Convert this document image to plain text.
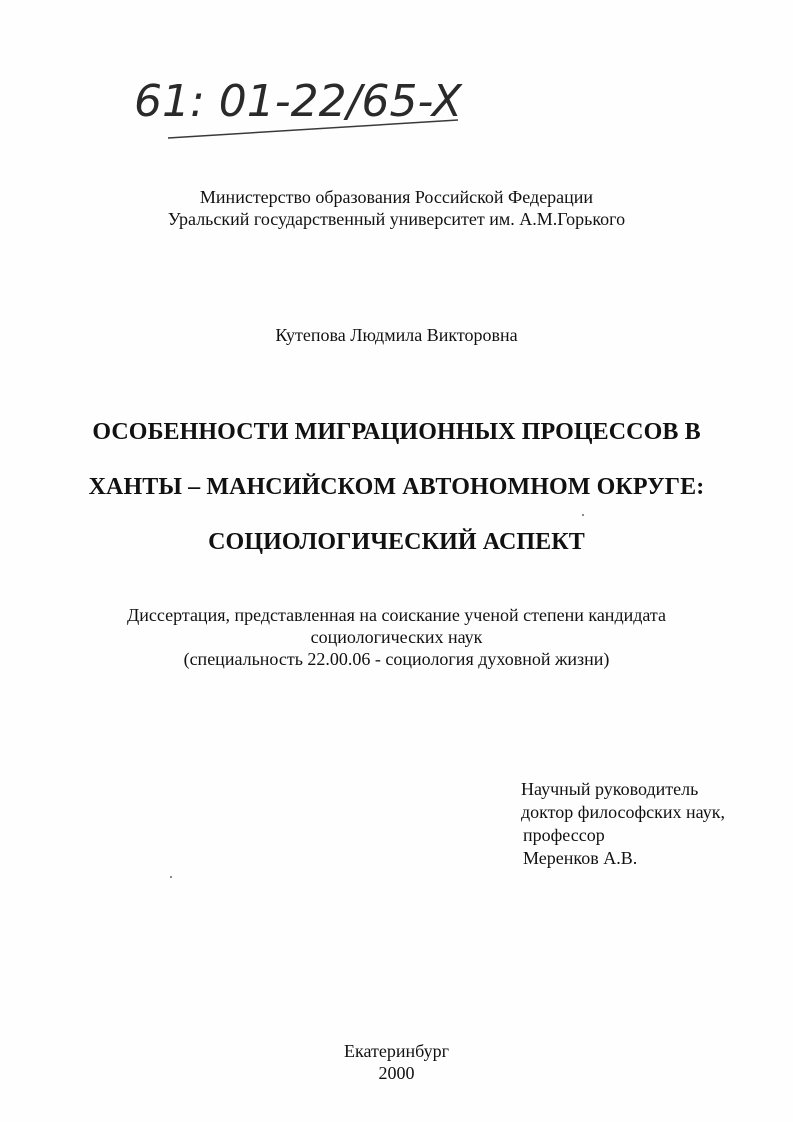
61: 01-22/65-X
Министерство образования Российской Федерации
Уральский государственный университет им. А.М.Горького
Кутепова Людмила Викторовна
ОСОБЕННОСТИ МИГРАЦИОННЫХ ПРОЦЕССОВ В
ХАНТЫ – МАНСИЙСКОМ АВТОНОМНОМ ОКРУГЕ:
СОЦИОЛОГИЧЕСКИЙ АСПЕКТ
Диссертация, представленная на соискание ученой степени кандидата
социологических наук
(специальность 22.00.06 - социология духовной жизни)
Научный руководитель
доктор философских наук,
профессор
Меренков А.В.
Екатеринбург
2000
